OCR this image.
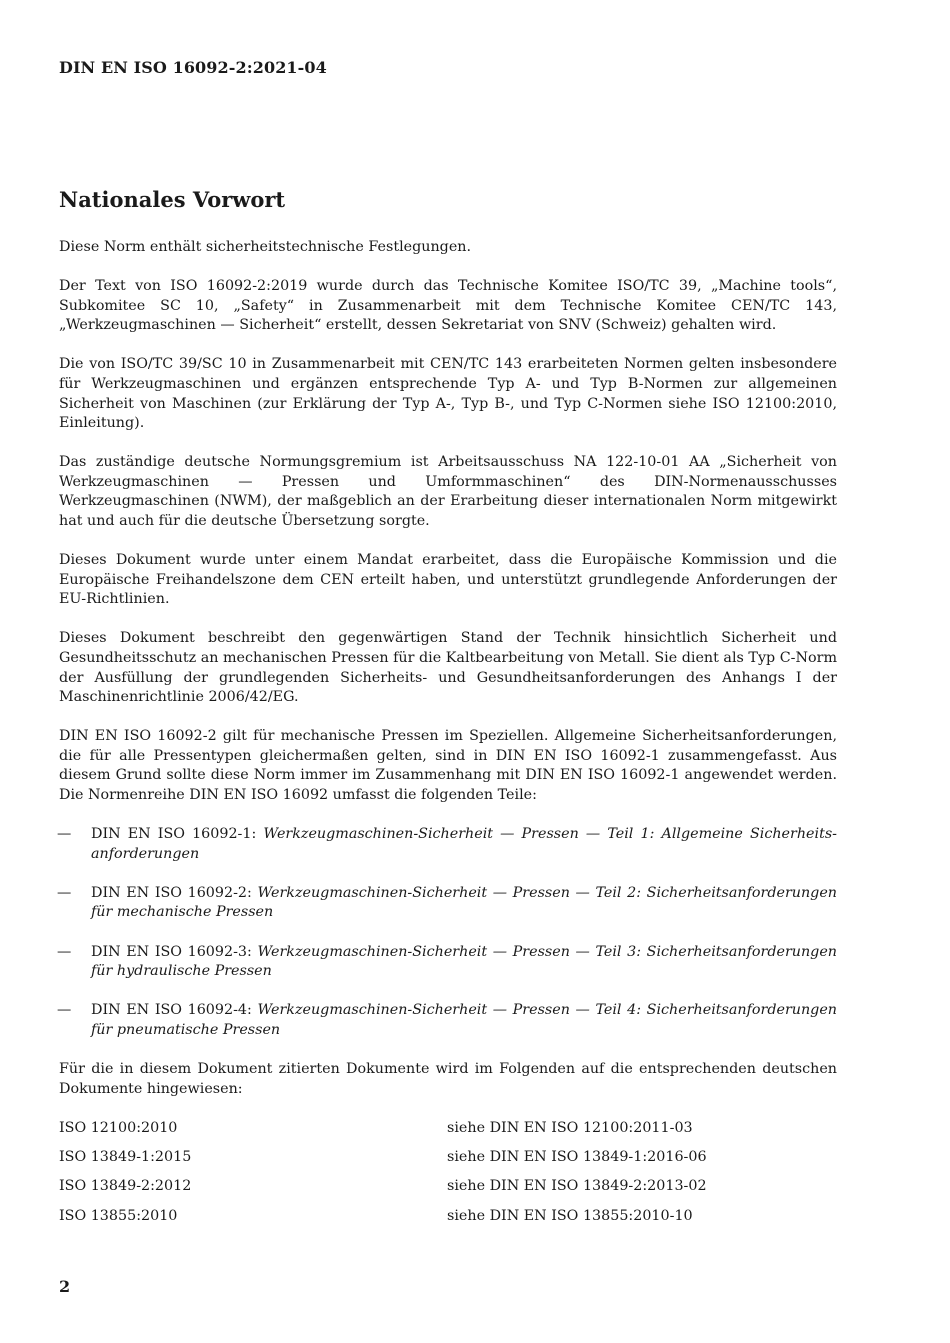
DIN EN ISO 16092-2:2021-04
Nationales Vorwort

Diese Norm enthält sicherheitstechnische Festlegungen.

Der Text von ISO 16092-2:2019 wurde durch das Technische Komitee ISO/TC 39, „Machine tools“, Subkomitee SC 10, „Safety“ in Zusammenarbeit mit dem Technische Komitee CEN/TC 143, „Werkzeugmaschinen — Sicherheit“ erstellt, dessen Sekretariat von SNV (Schweiz) gehalten wird.

Die von ISO/TC 39/SC 10 in Zusammenarbeit mit CEN/TC 143 erarbeiteten Normen gelten insbesondere für Werkzeugmaschinen und ergänzen entsprechende Typ A- und Typ B-Normen zur allgemeinen Sicherheit von Maschinen (zur Erklärung der Typ A-, Typ B-, und Typ C-Normen siehe ISO 12100:2010, Einleitung).

Das zuständige deutsche Normungsgremium ist Arbeitsausschuss NA 122-10-01 AA „Sicherheit von Werkzeugmaschinen — Pressen und Umformmaschinen“ des DIN-Normenausschusses Werkzeugmaschinen (NWM), der maßgeblich an der Erarbeitung dieser internationalen Norm mitgewirkt hat und auch für die deutsche Übersetzung sorgte.

Dieses Dokument wurde unter einem Mandat erarbeitet, dass die Europäische Kommission und die Europäische Freihandelszone dem CEN erteilt haben, und unterstützt grundlegende Anforderungen der EU-Richtlinien.

Dieses Dokument beschreibt den gegenwärtigen Stand der Technik hinsichtlich Sicherheit und Gesundheitsschutz an mechanischen Pressen für die Kaltbearbeitung von Metall. Sie dient als Typ C-Norm der Ausfüllung der grundlegenden Sicherheits- und Gesundheitsanforderungen des Anhangs I der Maschinenrichtlinie 2006/42/EG.

DIN EN ISO 16092-2 gilt für mechanische Pressen im Speziellen. Allgemeine Sicherheitsanforderungen, die für alle Pressentypen gleichermaßen gelten, sind in DIN EN ISO 16092-1 zusammengefasst. Aus diesem Grund sollte diese Norm immer im Zusammenhang mit DIN EN ISO 16092-1 angewendet werden. Die Normenreihe DIN EN ISO 16092 umfasst die folgenden Teile:

— DIN EN ISO 16092-1: Werkzeugmaschinen-Sicherheit — Pressen — Teil 1: Allgemeine Sicherheits-anforderungen
— DIN EN ISO 16092-2: Werkzeugmaschinen-Sicherheit — Pressen — Teil 2: Sicherheitsanforderungen für mechanische Pressen
— DIN EN ISO 16092-3: Werkzeugmaschinen-Sicherheit — Pressen — Teil 3: Sicherheitsanforderungen für hydraulische Pressen
— DIN EN ISO 16092-4: Werkzeugmaschinen-Sicherheit — Pressen — Teil 4: Sicherheitsanforderungen für pneumatische Pressen

Für die in diesem Dokument zitierten Dokumente wird im Folgenden auf die entsprechenden deutschen Dokumente hingewiesen:

ISO 12100:2010	siehe DIN EN ISO 12100:2011-03
ISO 13849-1:2015	siehe DIN EN ISO 13849-1:2016-06
ISO 13849-2:2012	siehe DIN EN ISO 13849-2:2013-02
ISO 13855:2010	siehe DIN EN ISO 13855:2010-10
2
